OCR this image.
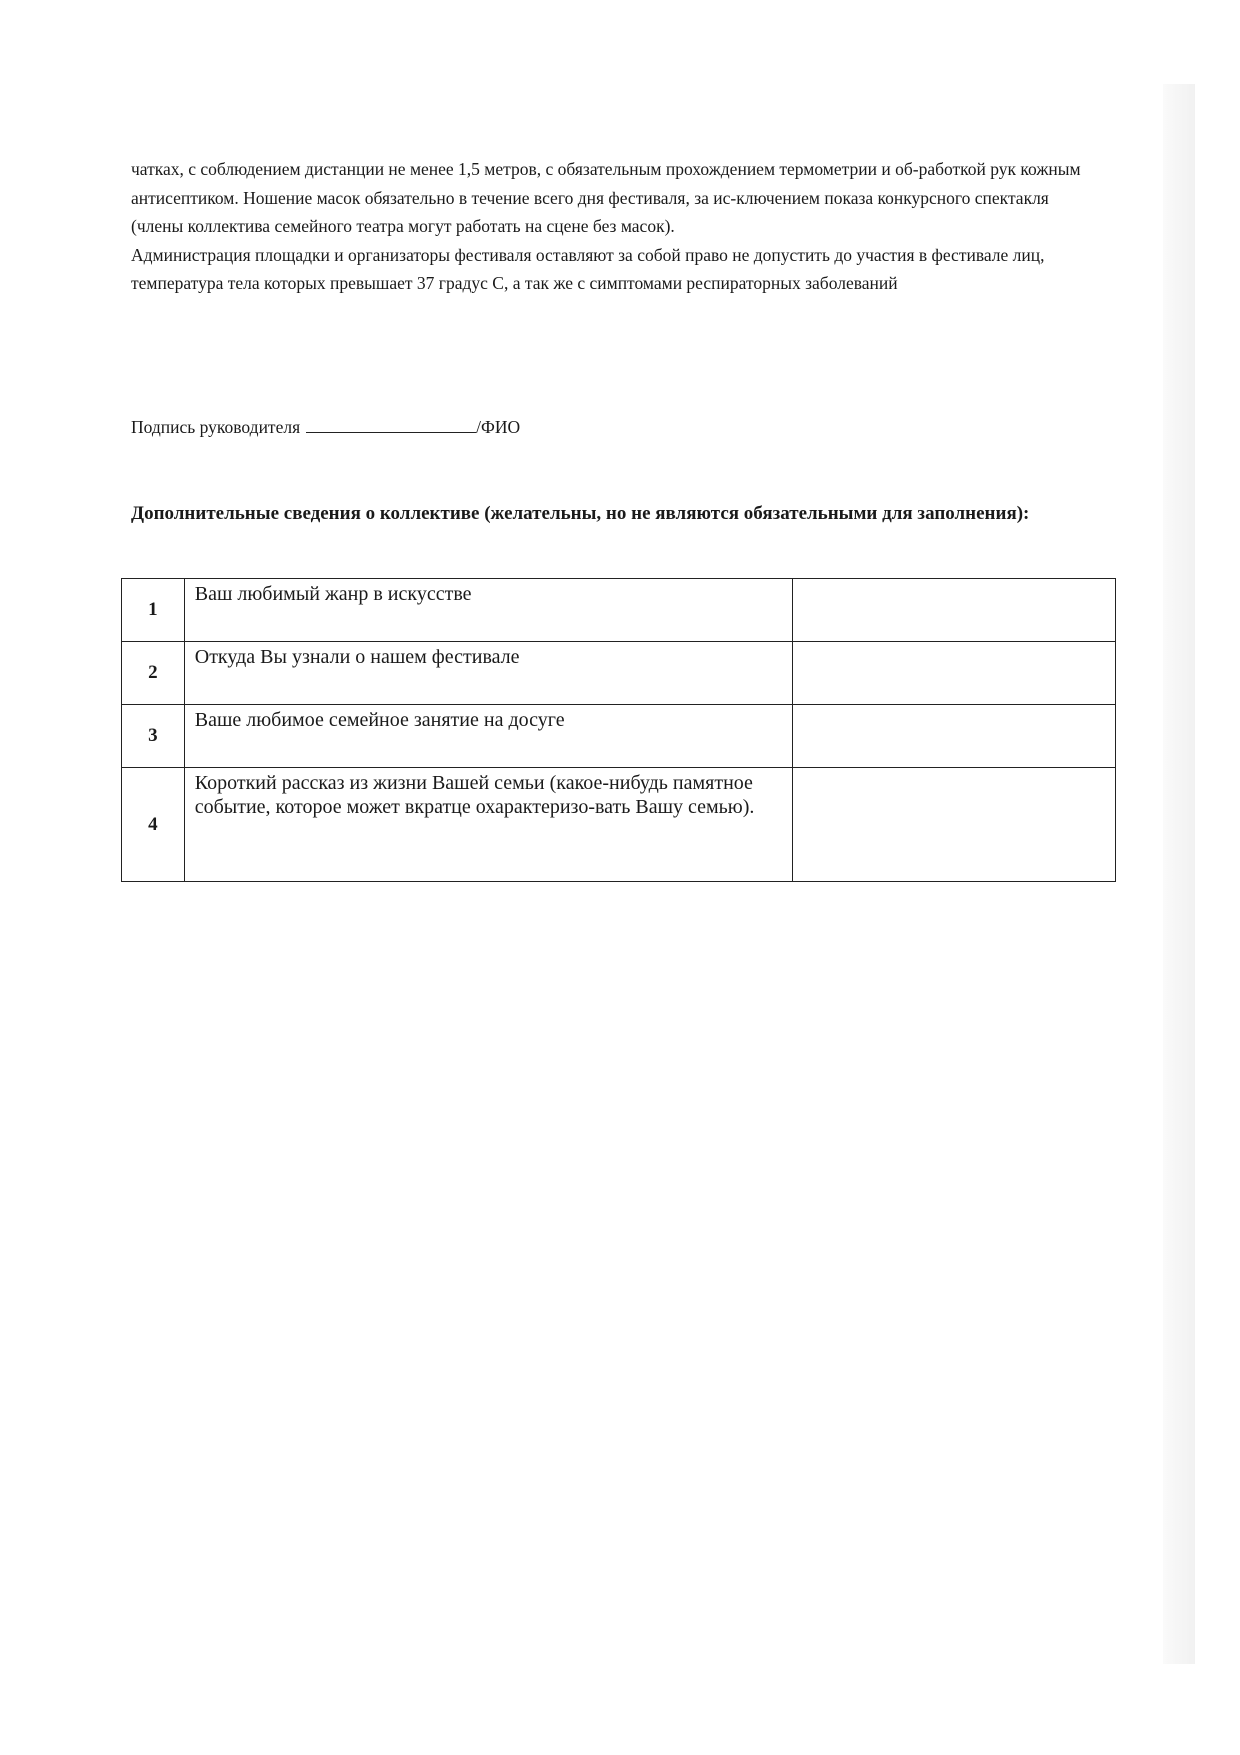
чатках, с соблюдением дистанции не менее 1,5 метров, с обязательным прохождением термометрии и об-работкой рук кожным антисептиком. Ношение масок обязательно в течение всего дня фестиваля, за ис-ключением показа конкурсного спектакля (члены коллектива семейного театра могут работать на сцене без масок).

Администрация площадки и организаторы фестиваля оставляют за собой право не допустить до участия в фестивале лиц, температура тела которых превышает 37 градус С, а так же с симптомами респираторных заболеваний

Подпись руководителя	/ФИО

Дополнительные сведения о коллективе (желательны, но не являются обязательными для заполнения):

1	Ваш любимый жанр в искусстве	

2	Откуда Вы узнали о нашем фестивале	

3	Ваше любимое семейное занятие на досуге	

4	Короткий рассказ из жизни Вашей семьи (какое-нибудь памятное событие, которое может вкратце охарактеризо-вать Вашу семью).	
